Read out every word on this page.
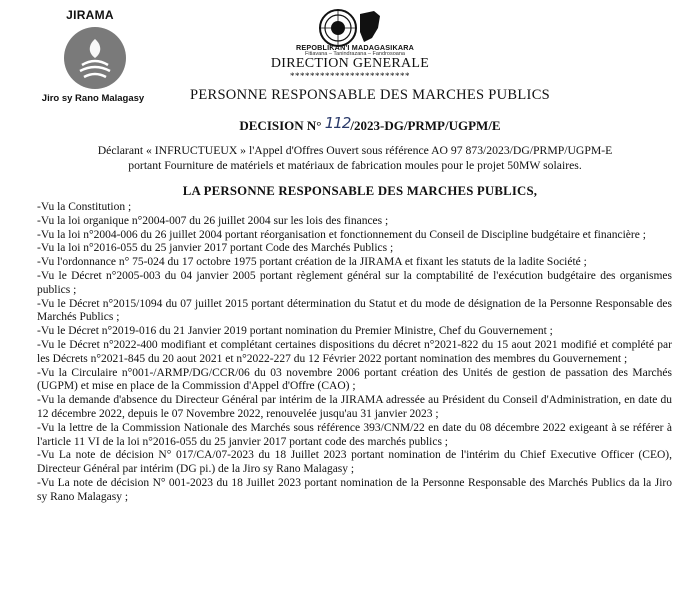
JIRAMA
Jiro sy Rano Malagasy
REPOBLIKAN'I MADAGASIKARA
Fitiavana – Tanindrazana – Fandrosoana
DIRECTION GENERALE
************************
PERSONNE RESPONSABLE DES MARCHES PUBLICS
DECISION N° 112/2023-DG/PRMP/UGPM/E
Déclarant « INFRUCTUEUX » l'Appel d'Offres Ouvert sous référence AO 97 873/2023/DG/PRMP/UGPM-E
portant Fourniture de matériels et matériaux de fabrication moules pour le projet 50MW solaires.
LA PERSONNE RESPONSABLE DES MARCHES PUBLICS,
-Vu la Constitution ;
-Vu la loi organique n°2004-007 du 26 juillet 2004 sur les lois des finances ;
-Vu la loi n°2004-006 du 26 juillet 2004 portant réorganisation et fonctionnement du Conseil de Discipline budgétaire et financière ;
-Vu la loi n°2016-055 du 25 janvier 2017 portant Code des Marchés Publics ;
-Vu l'ordonnance n° 75-024 du 17 octobre 1975 portant création de la JIRAMA et fixant les statuts de la ladite Société ;
-Vu le Décret n°2005-003 du 04 janvier 2005 portant règlement général sur la comptabilité de l'exécution budgétaire des organismes publics ;
-Vu le Décret n°2015/1094 du 07 juillet 2015 portant détermination du Statut et du mode de désignation de la Personne Responsable des Marchés Publics ;
-Vu le Décret n°2019-016 du 21 Janvier 2019 portant nomination du Premier Ministre, Chef du Gouvernement ;
-Vu le Décret n°2022-400 modifiant et complétant certaines dispositions du décret n°2021-822 du 15 aout 2021 modifié et complété par les Décrets n°2021-845 du 20 aout 2021 et n°2022-227 du 12 Février 2022 portant nomination des membres du Gouvernement ;
-Vu la Circulaire n°001-/ARMP/DG/CCR/06 du 03 novembre 2006 portant création des Unités de gestion de passation des Marchés (UGPM) et mise en place de la Commission d'Appel d'Offre (CAO) ;
-Vu la demande d'absence du Directeur Général par intérim de la JIRAMA adressée au Président du Conseil d'Administration, en date du 12 décembre 2022, depuis le 07 Novembre 2022, renouvelée jusqu'au 31 janvier 2023 ;
-Vu la lettre de la Commission Nationale des Marchés sous référence 393/CNM/22 en date du 08 décembre 2022 exigeant à se référer à l'article 11 VI de la loi n°2016-055 du 25 janvier 2017 portant code des marchés publics ;
-Vu La note de décision N° 017/CA/07-2023 du 18 Juillet 2023 portant nomination de l'intérim du Chief Executive Officer (CEO), Directeur Général par intérim (DG pi.) de la Jiro sy Rano Malagasy ;
-Vu La note de décision N° 001-2023 du 18 Juillet 2023 portant nomination de la Personne Responsable des Marchés Publics da la Jiro sy Rano Malagasy ;
